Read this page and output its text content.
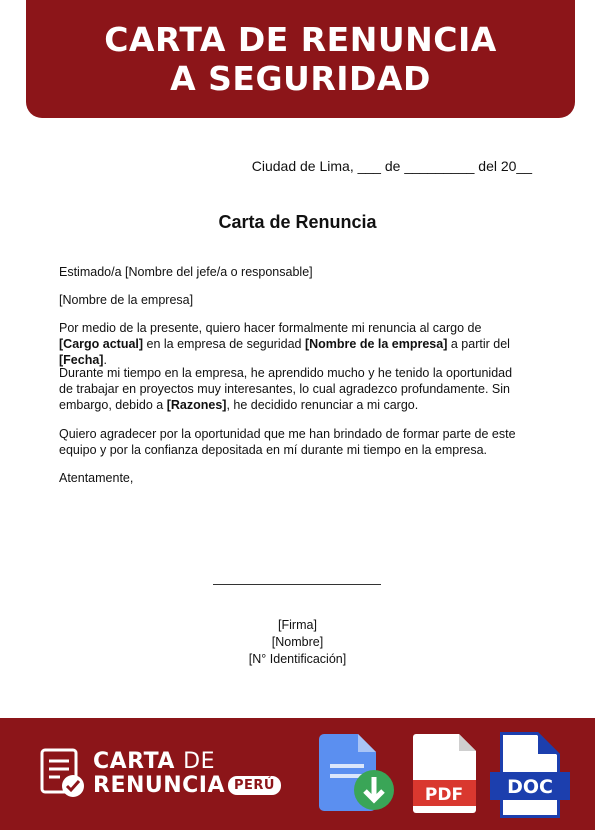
CARTA DE RENUNCIA
A SEGURIDAD
Ciudad de Lima, ___ de _________ del 20__
Carta de Renuncia
Estimado/a [Nombre del jefe/a o responsable]
[Nombre de la empresa]
Por medio de la presente, quiero hacer formalmente mi renuncia al cargo de [Cargo actual] en la empresa de seguridad [Nombre de la empresa] a partir del [Fecha].
Durante mi tiempo en la empresa, he aprendido mucho y he tenido la oportunidad de trabajar en proyectos muy interesantes, lo cual agradezco profundamente. Sin embargo, debido a [Razones], he decidido renunciar a mi cargo.
Quiero agradecer por la oportunidad que me han brindado de formar parte de este equipo y por la confianza depositada en mí durante mi tiempo en la empresa.
Atentamente,
[Firma]
[Nombre]
[N° Identificación]
CARTA DE
RENUNCIA PERÚ	PDF DOC
